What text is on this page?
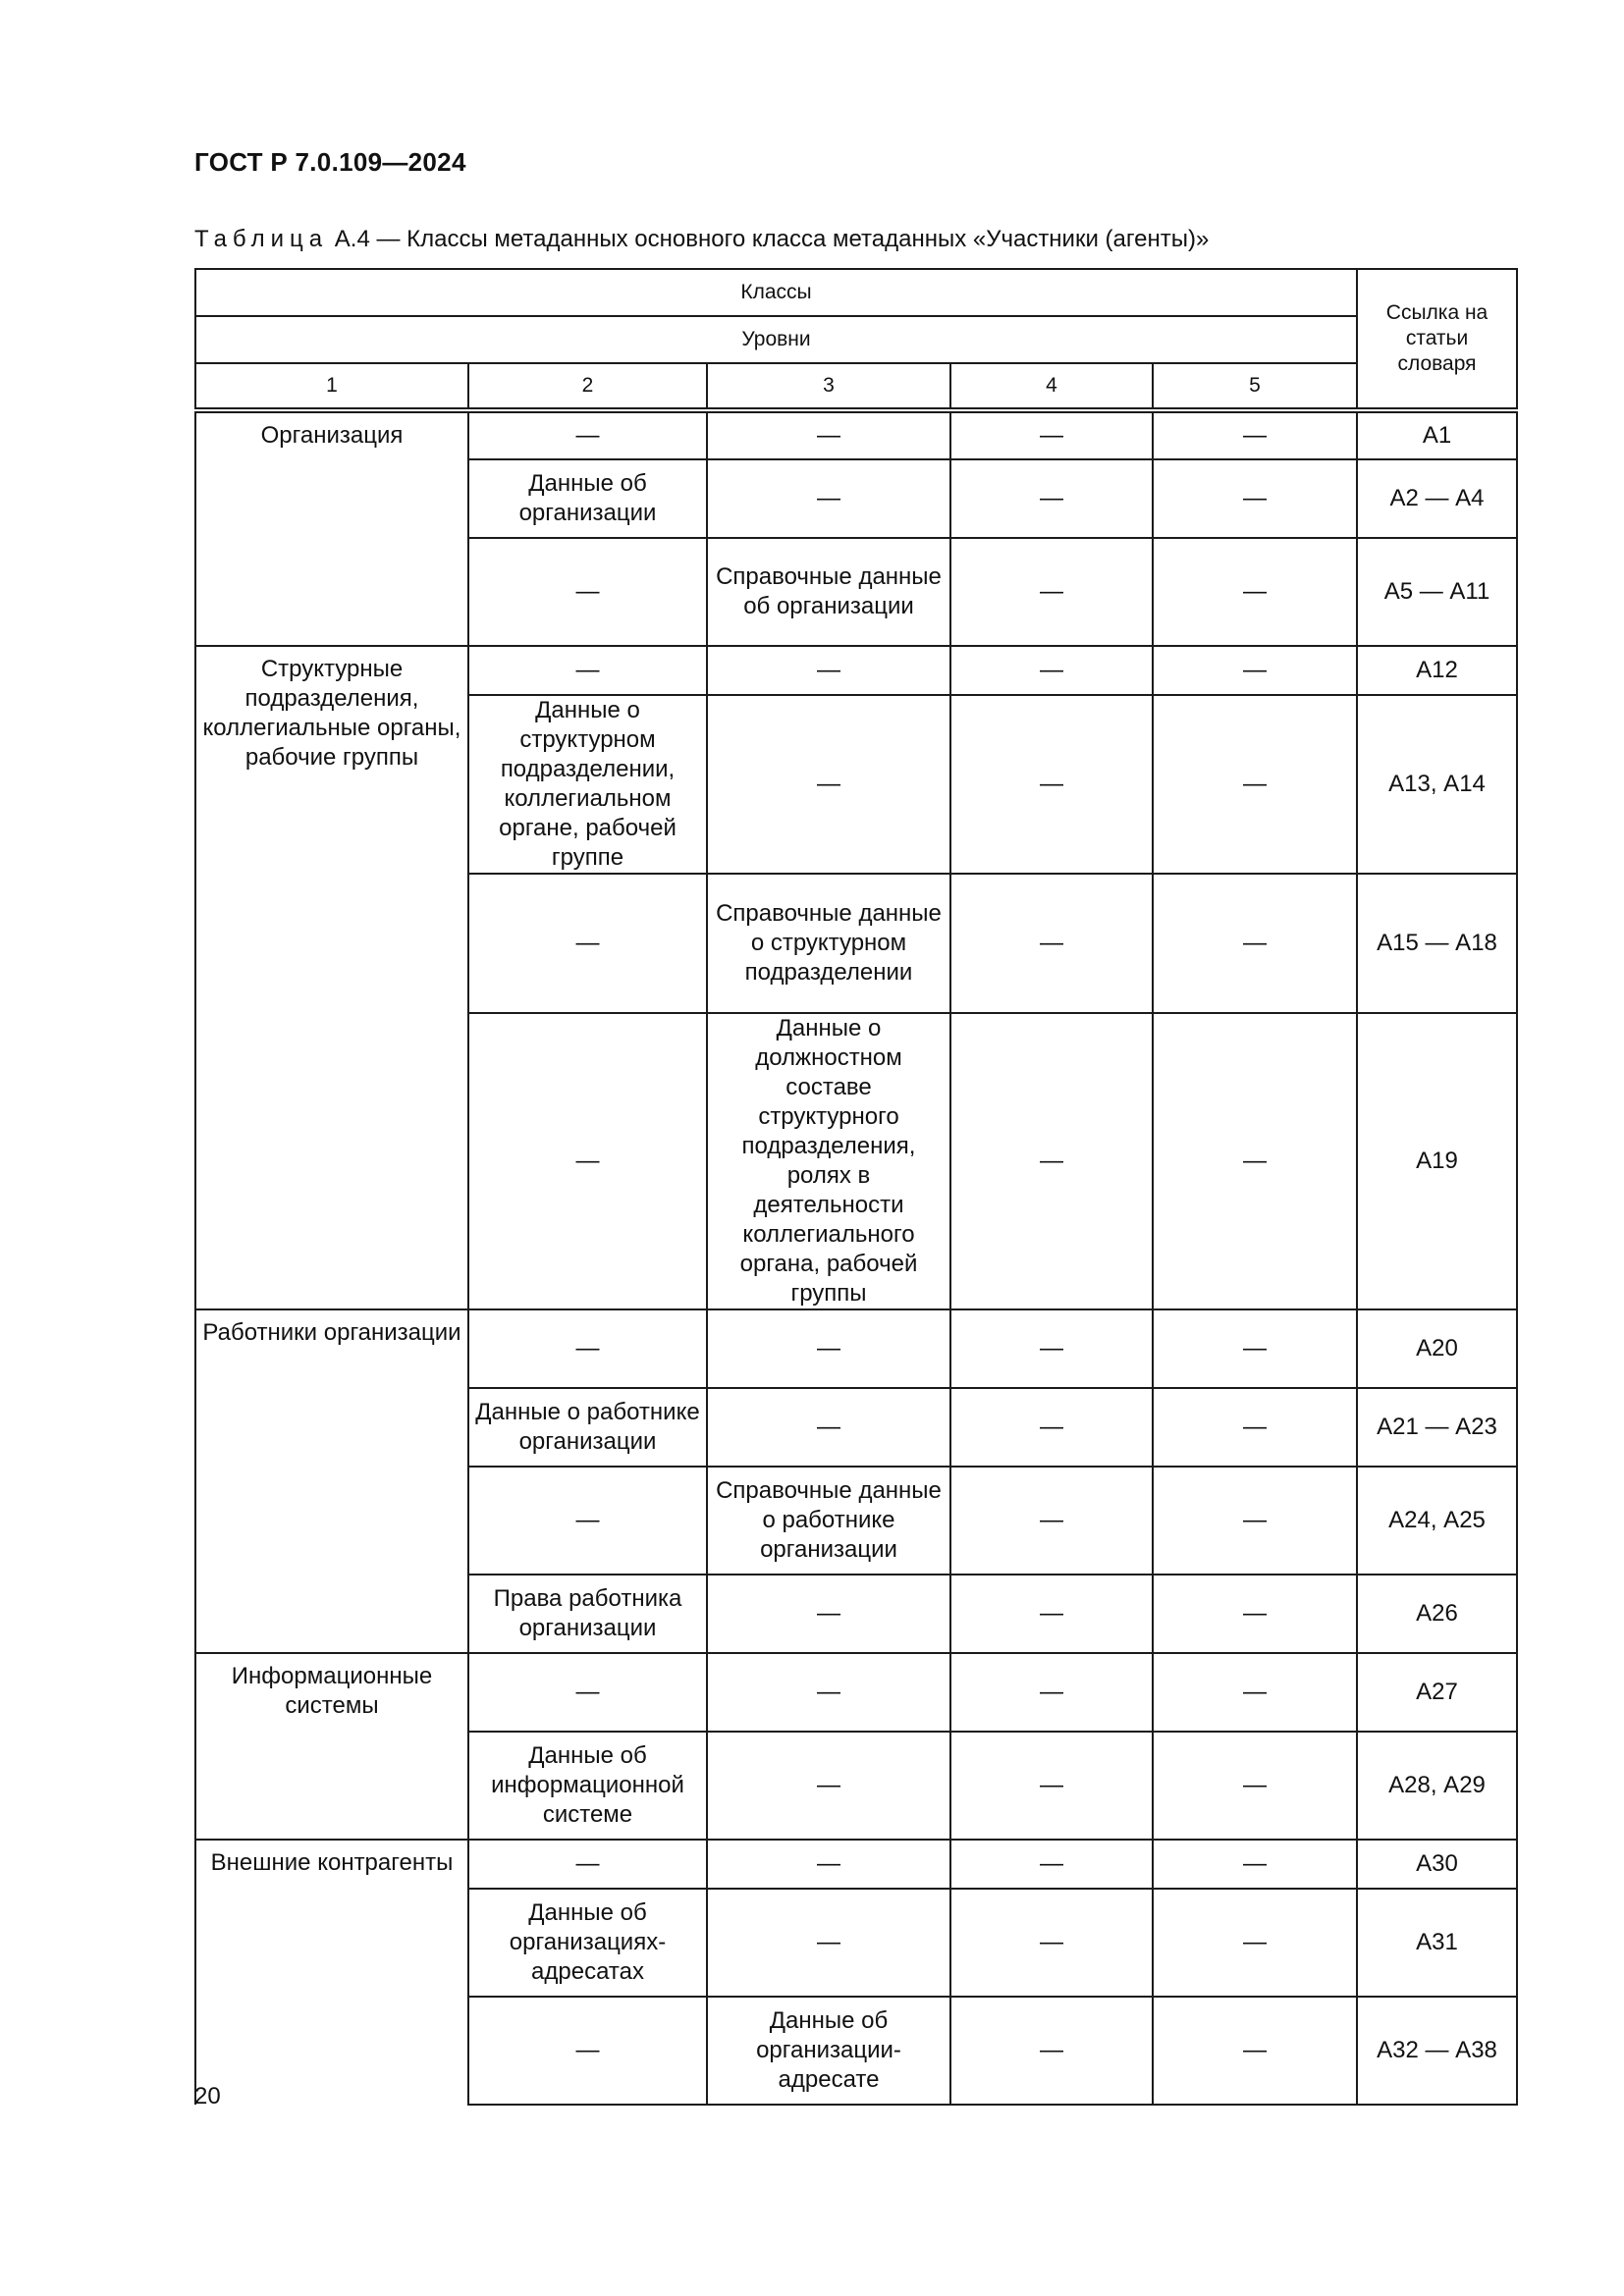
ГОСТ Р 7.0.109—2024
Таблица А.4 — Классы метаданных основного класса метаданных «Участники (агенты)»
Классы					Ссылка на статьи словаря
Уровни					
1	2	3	4	5	
Организация	—	—	—	—	А1
	Данные об организации	—	—	—	А2 — А4
	—	Справочные данные об организации	—	—	А5 — А11
Структурные подразделения, коллегиальные органы, рабочие группы	—	—	—	—	А12
	Данные о структурном подразделении, коллегиальном органе, рабочей группе	—	—	—	А13, А14
	—	Справочные данные о структурном подразделении	—	—	А15 — А18
	—	Данные о должностном составе структурного подразделения, ролях в деятельности коллегиального органа, рабочей группы	—	—	А19
Работники организации	—	—	—	—	А20
	Данные о работнике организации	—	—	—	А21 — А23
	—	Справочные данные о работнике организации	—	—	А24, А25
	Права работника организации	—	—	—	А26
Информационные системы	—	—	—	—	А27
	Данные об информационной системе	—	—	—	А28, А29
Внешние контрагенты	—	—	—	—	А30
	Данные об организациях-адресатах	—	—	—	А31
	—	Данные об организации-адресате	—	—	А32 — А38
20
